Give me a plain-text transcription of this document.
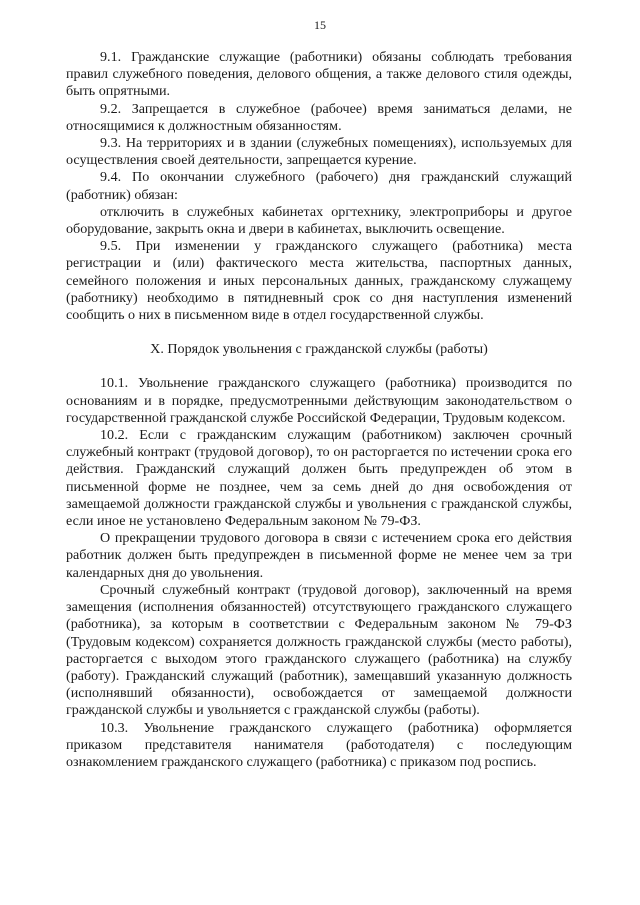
15

9.1. Гражданские служащие (работники) обязаны соблюдать требования правил служебного поведения, делового общения, а также делового стиля одежды, быть опрятными.

9.2. Запрещается в служебное (рабочее) время заниматься делами, не относящимися к должностным обязанностям.

9.3. На территориях и в здании (служебных помещениях), используемых для осуществления своей деятельности, запрещается курение.

9.4. По окончании служебного (рабочего) дня гражданский служащий (работник) обязан:

отключить в служебных кабинетах оргтехнику, электроприборы и другое оборудование, закрыть окна и двери в кабинетах, выключить освещение.

9.5. При изменении у гражданского служащего (работника) места регистрации и (или) фактического места жительства, паспортных данных, семейного положения и иных персональных данных, гражданскому служащему (работнику) необходимо в пятидневный срок со дня наступления изменений сообщить о них в письменном виде в отдел государственной службы.

X. Порядок увольнения с гражданской службы (работы)

10.1. Увольнение гражданского служащего (работника) производится по основаниям и в порядке, предусмотренными действующим законодательством о государственной гражданской службе Российской Федерации, Трудовым кодексом.

10.2. Если с гражданским служащим (работником) заключен срочный служебный контракт (трудовой договор), то он расторгается по истечении срока его действия. Гражданский служащий должен быть предупрежден об этом в письменной форме не позднее, чем за семь дней до дня освобождения от замещаемой должности гражданской службы и увольнения с гражданской службы, если иное не установлено Федеральным законом № 79-ФЗ.

О прекращении трудового договора в связи с истечением срока его действия работник должен быть предупрежден в письменной форме не менее чем за три календарных дня до увольнения.

Срочный служебный контракт (трудовой договор), заключенный на время замещения (исполнения обязанностей) отсутствующего гражданского служащего (работника), за которым в соответствии с Федеральным законом № 79-ФЗ (Трудовым кодексом) сохраняется должность гражданской службы (место работы), расторгается с выходом этого гражданского служащего (работника) на службу (работу). Гражданский служащий (работник), замещавший указанную должность (исполнявший обязанности), освобождается от замещаемой должности гражданской службы и увольняется с гражданской службы (работы).

10.3. Увольнение гражданского служащего (работника) оформляется приказом представителя нанимателя (работодателя) с последующим ознакомлением гражданского служащего (работника) с приказом под роспись.
